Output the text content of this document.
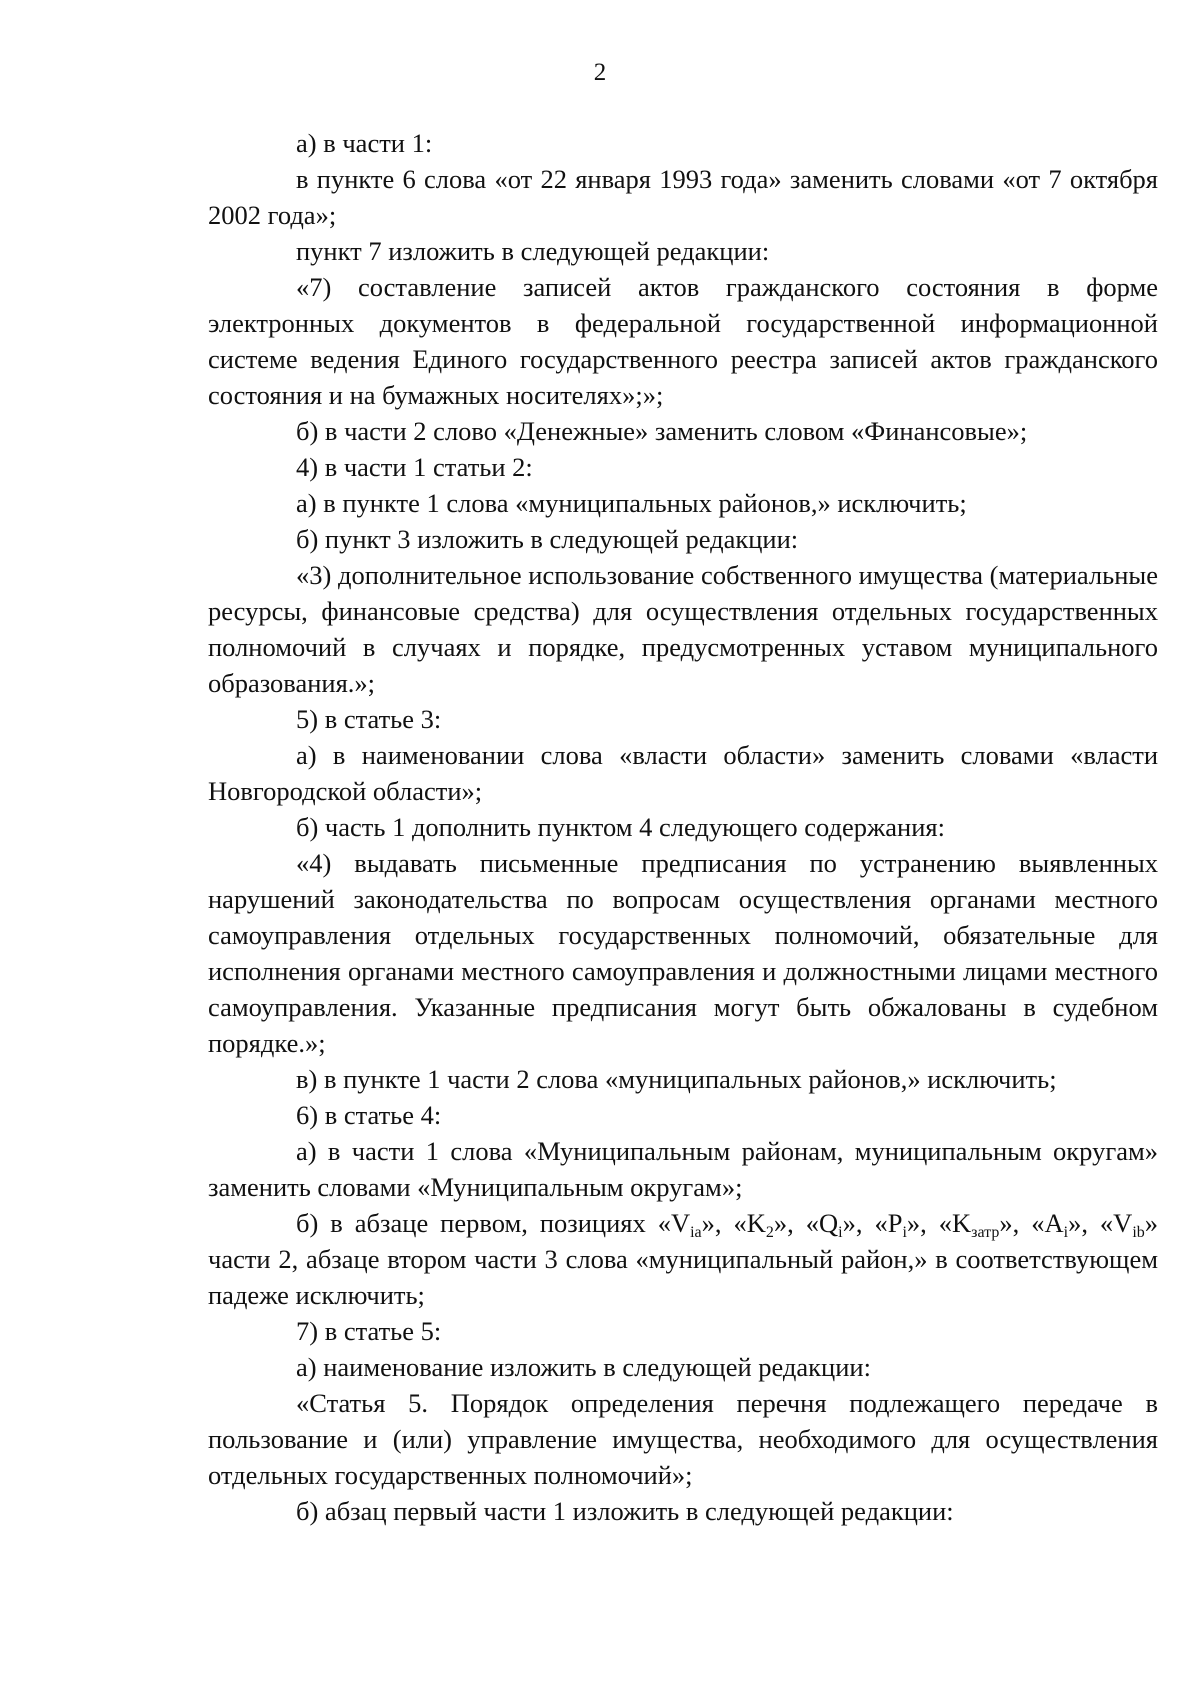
2

а) в части 1:

в пункте 6 слова «от 22 января 1993 года» заменить словами «от 7 октября 2002 года»;

пункт 7 изложить в следующей редакции:

«7) составление записей актов гражданского состояния в форме электронных документов в федеральной государственной информационной системе ведения Единого государственного реестра записей актов гражданского состояния и на бумажных носителях»;»;

б) в части 2 слово «Денежные» заменить словом «Финансовые»;

4) в части 1 статьи 2:

а) в пункте 1 слова «муниципальных районов,» исключить;

б) пункт 3 изложить в следующей редакции:

«3) дополнительное использование собственного имущества (материальные ресурсы, финансовые средства) для осуществления отдельных государственных полномочий в случаях и порядке, предусмотренных уставом муниципального образования.»;

5) в статье 3:

а) в наименовании слова «власти области» заменить словами «власти Новгородской области»;

б) часть 1 дополнить пунктом 4 следующего содержания:

«4) выдавать письменные предписания по устранению выявленных нарушений законодательства по вопросам осуществления органами местного самоуправления отдельных государственных полномочий, обязательные для исполнения органами местного самоуправления и должностными лицами местного самоуправления. Указанные предписания могут быть обжалованы в судебном порядке.»;

в) в пункте 1 части 2 слова «муниципальных районов,» исключить;

6) в статье 4:

а) в части 1 слова «Муниципальным районам, муниципальным округам» заменить словами «Муниципальным округам»;

б) в абзаце первом, позициях «$V_{ia}$», «$K_2$», «$Q_i$», «$P_i$», «$K_{затр}$», «$A_i$», «$V_{ib}$» части 2, абзаце втором части 3 слова «муниципальный район,» в соответствующем падеже исключить;

7) в статье 5:

а) наименование изложить в следующей редакции:

«Статья 5. Порядок определения перечня подлежащего передаче в пользование и (или) управление имущества, необходимого для осуществления отдельных государственных полномочий»;

б) абзац первый части 1 изложить в следующей редакции:
